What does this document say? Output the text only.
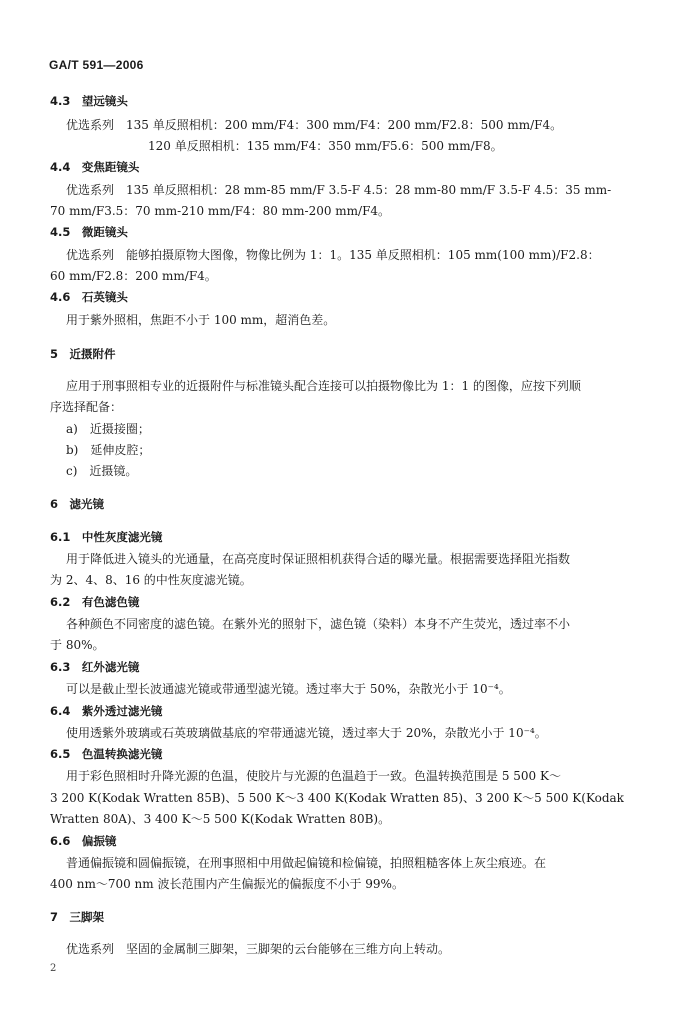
GA/T 591—2006
4.3　望远镜头
优选系列　135 单反照相机：200 mm/F4：300 mm/F4：200 mm/F2.8：500 mm/F4。
120 单反照相机：135 mm/F4：350 mm/F5.6：500 mm/F8。
4.4　变焦距镜头
优选系列　135 单反照相机：28 mm-85 mm/F 3.5-F 4.5：28 mm-80 mm/F 3.5-F 4.5：35 mm-
70 mm/F3.5：70 mm-210 mm/F4：80 mm-200 mm/F4。
4.5　微距镜头
优选系列　能够拍摄原物大图像，物像比例为 1：1。135 单反照相机：105 mm(100 mm)/F2.8：
60 mm/F2.8：200 mm/F4。
4.6　石英镜头
用于紫外照相，焦距不小于 100 mm，超消色差。
5　近摄附件
应用于刑事照相专业的近摄附件与标准镜头配合连接可以拍摄物像比为 1：1 的图像，应按下列顺
序选择配备：
a)　近摄接圈；
b)　延伸皮腔；
c)　近摄镜。
6　滤光镜
6.1　中性灰度滤光镜
用于降低进入镜头的光通量，在高亮度时保证照相机获得合适的曝光量。根据需要选择阻光指数
为 2、4、8、16 的中性灰度滤光镜。
6.2　有色滤色镜
各种颜色不同密度的滤色镜。在紫外光的照射下，滤色镜（染料）本身不产生荧光，透过率不小
于 80%。
6.3　红外滤光镜
可以是截止型长波通滤光镜或带通型滤光镜。透过率大于 50%，杂散光小于 10⁻⁴。
6.4　紫外透过滤光镜
使用透紫外玻璃或石英玻璃做基底的窄带通滤光镜，透过率大于 20%，杂散光小于 10⁻⁴。
6.5　色温转换滤光镜
用于彩色照相时升降光源的色温，使胶片与光源的色温趋于一致。色温转换范围是 5 500 K～
3 200 K(Kodak Wratten 85B)、5 500 K～3 400 K(Kodak Wratten 85)、3 200 K～5 500 K(Kodak
Wratten 80A)、3 400 K～5 500 K(Kodak Wratten 80B)。
6.6　偏振镜
普通偏振镜和圆偏振镜，在刑事照相中用做起偏镜和检偏镜，拍照粗糙客体上灰尘痕迹。在
400 nm～700 nm 波长范围内产生偏振光的偏振度不小于 99%。
7　三脚架
优选系列　坚固的金属制三脚架，三脚架的云台能够在三维方向上转动。
2
